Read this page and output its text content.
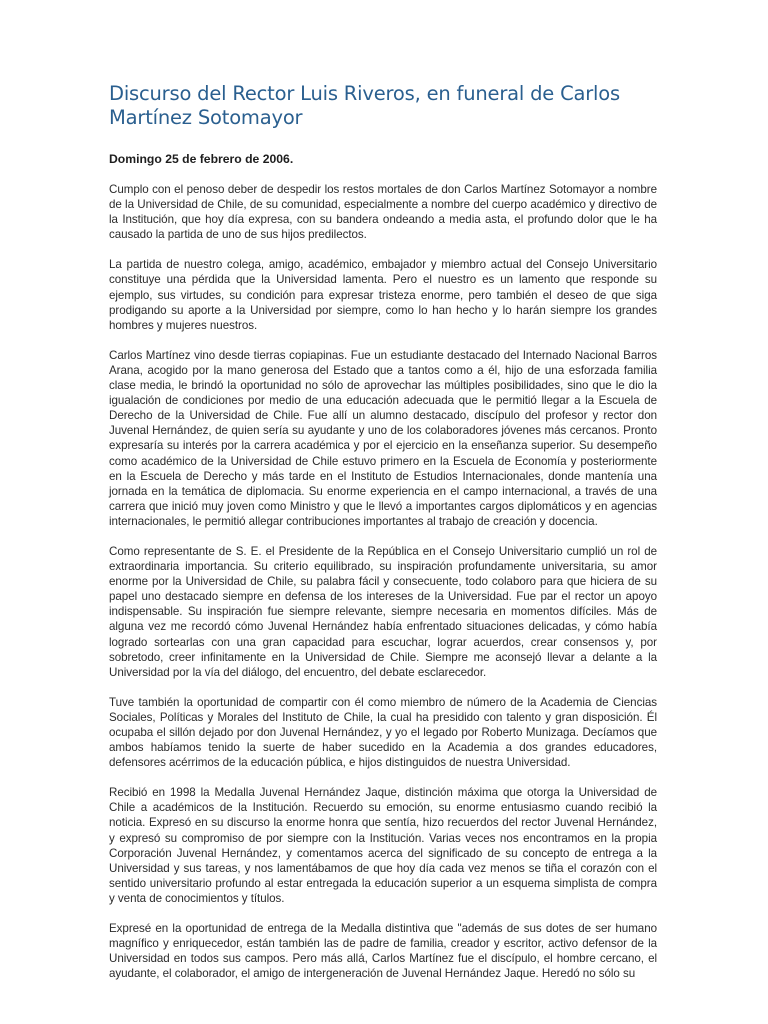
Discurso del Rector Luis Riveros, en funeral de Carlos Martínez Sotomayor

Domingo 25 de febrero de 2006.

Cumplo con el penoso deber de despedir los restos mortales de don Carlos Martínez Sotomayor a nombre de la Universidad de Chile, de su comunidad, especialmente a nombre del cuerpo académico y directivo de la Institución, que hoy día expresa, con su bandera ondeando a media asta, el profundo dolor que le ha causado la partida de uno de sus hijos predilectos.

La partida de nuestro colega, amigo, académico, embajador y miembro actual del Consejo Universitario constituye una pérdida que la Universidad lamenta. Pero el nuestro es un lamento que responde su ejemplo, sus virtudes, su condición para expresar tristeza enorme, pero también el deseo de que siga prodigando su aporte a la Universidad por siempre, como lo han hecho y lo harán siempre los grandes hombres y mujeres nuestros.

Carlos Martínez vino desde tierras copiapinas. Fue un estudiante destacado del Internado Nacional Barros Arana, acogido por la mano generosa del Estado que a tantos como a él, hijo de una esforzada familia clase media, le brindó la oportunidad no sólo de aprovechar las múltiples posibilidades, sino que le dio la igualación de condiciones por medio de una educación adecuada que le permitió llegar a la Escuela de Derecho de la Universidad de Chile. Fue allí un alumno destacado, discípulo del profesor y rector don Juvenal Hernández, de quien sería su ayudante y uno de los colaboradores jóvenes más cercanos. Pronto expresaría su interés por la carrera académica y por el ejercicio en la enseñanza superior. Su desempeño como académico de la Universidad de Chile estuvo primero en la Escuela de Economía y posteriormente en la Escuela de Derecho y más tarde en el Instituto de Estudios Internacionales, donde mantenía una jornada en la temática de diplomacia. Su enorme experiencia en el campo internacional, a través de una carrera que inició muy joven como Ministro y que le llevó a importantes cargos diplomáticos y en agencias internacionales, le permitió allegar contribuciones importantes al trabajo de creación y docencia.

Como representante de S. E. el Presidente de la República en el Consejo Universitario cumplió un rol de extraordinaria importancia. Su criterio equilibrado, su inspiración profundamente universitaria, su amor enorme por la Universidad de Chile, su palabra fácil y consecuente, todo colaboro para que hiciera de su papel uno destacado siempre en defensa de los intereses de la Universidad. Fue par el rector un apoyo indispensable. Su inspiración fue siempre relevante, siempre necesaria en momentos difíciles. Más de alguna vez me recordó cómo Juvenal Hernández había enfrentado situaciones delicadas, y cómo había logrado sortearlas con una gran capacidad para escuchar, lograr acuerdos, crear consensos y, por sobretodo, creer infinitamente en la Universidad de Chile. Siempre me aconsejó llevar a delante a la Universidad por la vía del diálogo, del encuentro, del debate esclarecedor.

Tuve también la oportunidad de compartir con él como miembro de número de la Academia de Ciencias Sociales, Políticas y Morales del Instituto de Chile, la cual ha presidido con talento y gran disposición. Él ocupaba el sillón dejado por don Juvenal Hernández, y yo el legado por Roberto Munizaga. Decíamos que ambos habíamos tenido la suerte de haber sucedido en la Academia a dos grandes educadores, defensores acérrimos de la educación pública, e hijos distinguidos de nuestra Universidad.

Recibió en 1998 la Medalla Juvenal Hernández Jaque, distinción máxima que otorga la Universidad de Chile a académicos de la Institución. Recuerdo su emoción, su enorme entusiasmo cuando recibió la noticia. Expresó en su discurso la enorme honra que sentía, hizo recuerdos del rector Juvenal Hernández, y expresó su compromiso de por siempre con la Institución. Varias veces nos encontramos en la propia Corporación Juvenal Hernández, y comentamos acerca del significado de su concepto de entrega a la Universidad y sus tareas, y nos lamentábamos de que hoy día cada vez menos se tiña el corazón con el sentido universitario profundo al estar entregada la educación superior a un esquema simplista de compra y venta de conocimientos y títulos.

Expresé en la oportunidad de entrega de la Medalla distintiva que "además de sus dotes de ser humano magnífico y enriquecedor, están también las de padre de familia, creador y escritor, activo defensor de la Universidad en todos sus campos. Pero más allá, Carlos Martínez fue el discípulo, el hombre cercano, el ayudante, el colaborador, el amigo de intergeneración de Juvenal Hernández Jaque. Heredó no sólo su
